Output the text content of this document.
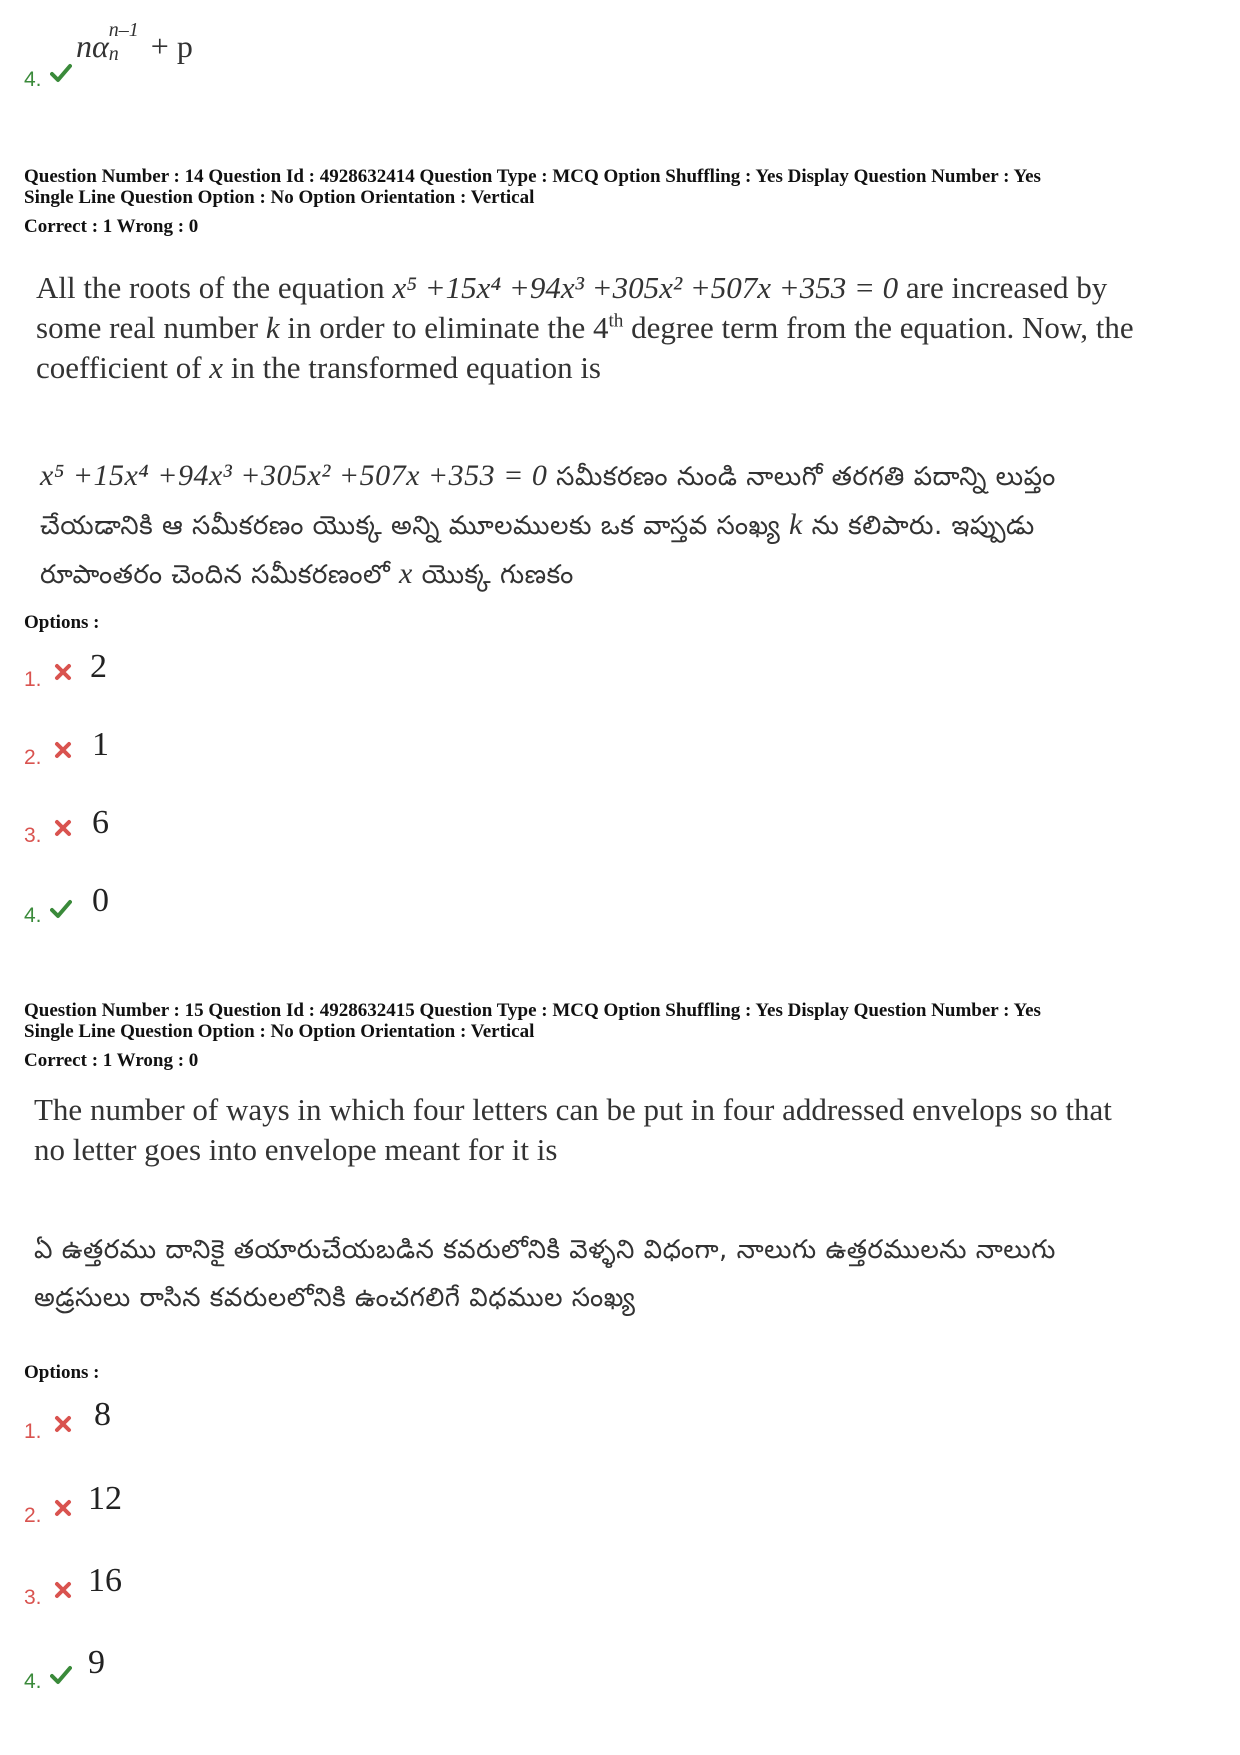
4.
nα n–1
n + p
Question Number : 14 Question Id : 4928632414 Question Type : MCQ Option Shuffling : Yes Display Question Number : Yes
Single Line Question Option : No Option Orientation : Vertical
Correct : 1 Wrong : 0
All the roots of the equation x⁵ +15x⁴ +94x³ +305x² +507x +353 = 0 are increased by
some real number k in order to eliminate the 4th degree term from the equation. Now, the
coefficient of x in the transformed equation is
x⁵ +15x⁴ +94x³ +305x² +507x +353 = 0 సమీకరణం నుండి నాలుగో తరగతి పదాన్ని లుప్తం
చేయడానికి ఆ సమీకరణం యొక్క అన్ని మూలములకు ఒక వాస్తవ సంఖ్య k ను కలిపారు. ఇప్పుడు
రూపాంతరం చెందిన సమీకరణంలో x యొక్క గుణకం
Options :
1. 2
2. 1
3. 6
4. 0
Question Number : 15 Question Id : 4928632415 Question Type : MCQ Option Shuffling : Yes Display Question Number : Yes
Single Line Question Option : No Option Orientation : Vertical
Correct : 1 Wrong : 0
The number of ways in which four letters can be put in four addressed envelops so that
no letter goes into envelope meant for it is
ఏ ఉత్తరము దానికై తయారుచేయబడిన కవరులోనికి వెళ్ళని విధంగా, నాలుగు ఉత్తరములను నాలుగు
అడ్రసులు రాసిన కవరులలోనికి ఉంచగలిగే విధముల సంఖ్య
Options :
1. 8
2. 12
3. 16
4.
9
